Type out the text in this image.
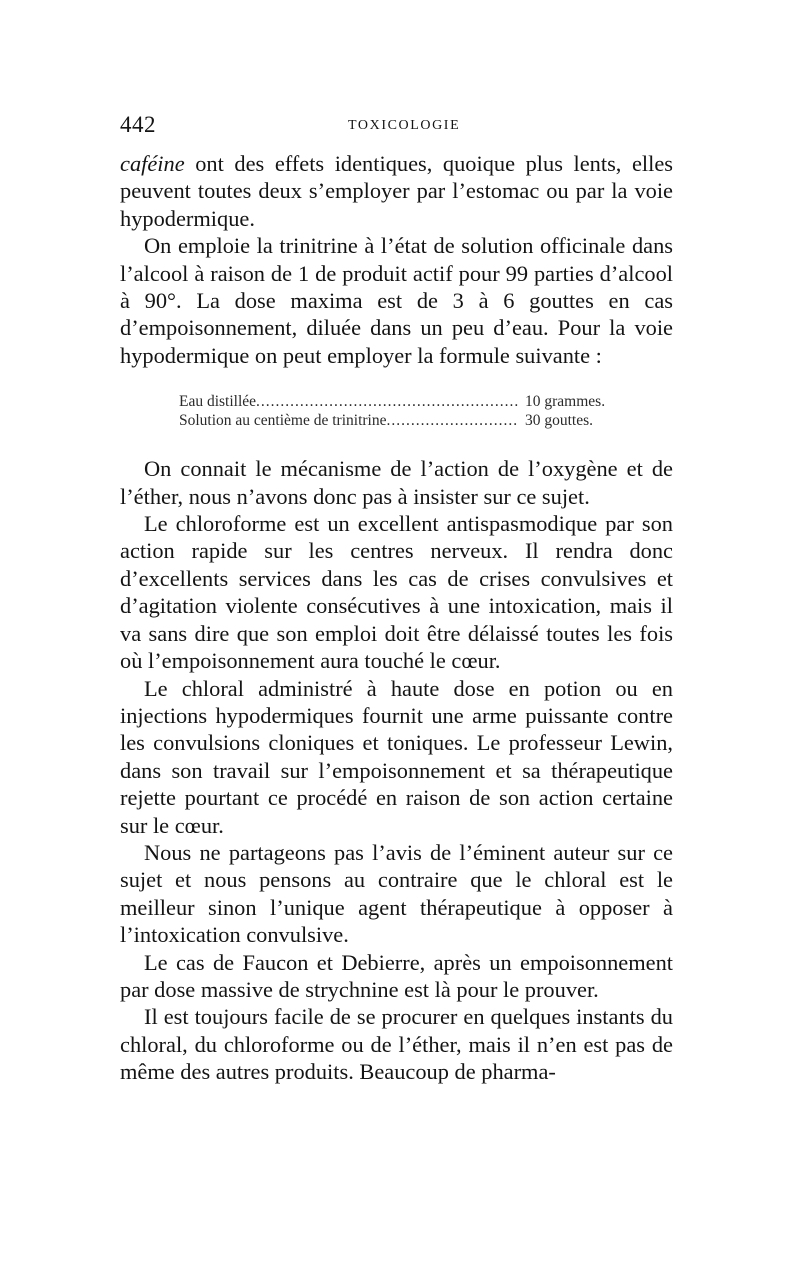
442	TOXICOLOGIE

caféine ont des effets identiques, quoique plus lents, elles peuvent toutes deux s’employer par l’estomac ou par la voie hypodermique.

On emploie la trinitrine à l’état de solution officinale dans l’alcool à raison de 1 de produit actif pour 99 parties d’alcool à 90°. La dose maxima est de 3 à 6 gouttes en cas d’empoisonnement, diluée dans un peu d’eau. Pour la voie hypodermique on peut employer la formule suivante :

Eau distillée .....	10 grammes.
Solution au centième de trinitrine .....	30 gouttes.

On connait le mécanisme de l’action de l’oxygène et de l’éther, nous n’avons donc pas à insister sur ce sujet.

Le chloroforme est un excellent antispasmodique par son action rapide sur les centres nerveux. Il rendra donc d’excellents services dans les cas de crises convulsives et d’agitation violente consécutives à une intoxication, mais il va sans dire que son emploi doit être délaissé toutes les fois où l’empoisonnement aura touché le cœur.

Le chloral administré à haute dose en potion ou en injections hypodermiques fournit une arme puissante contre les convulsions cloniques et toniques. Le professeur Lewin, dans son travail sur l’empoisonnement et sa thérapeutique rejette pourtant ce procédé en raison de son action certaine sur le cœur.

Nous ne partageons pas l’avis de l’éminent auteur sur ce sujet et nous pensons au contraire que le chloral est le meilleur sinon l’unique agent thérapeutique à opposer à l’intoxication convulsive.

Le cas de Faucon et Debierre, après un empoisonnement par dose massive de strychnine est là pour le prouver.

Il est toujours facile de se procurer en quelques instants du chloral, du chloroforme ou de l’éther, mais il n’en est pas de même des autres produits. Beaucoup de pharma-
